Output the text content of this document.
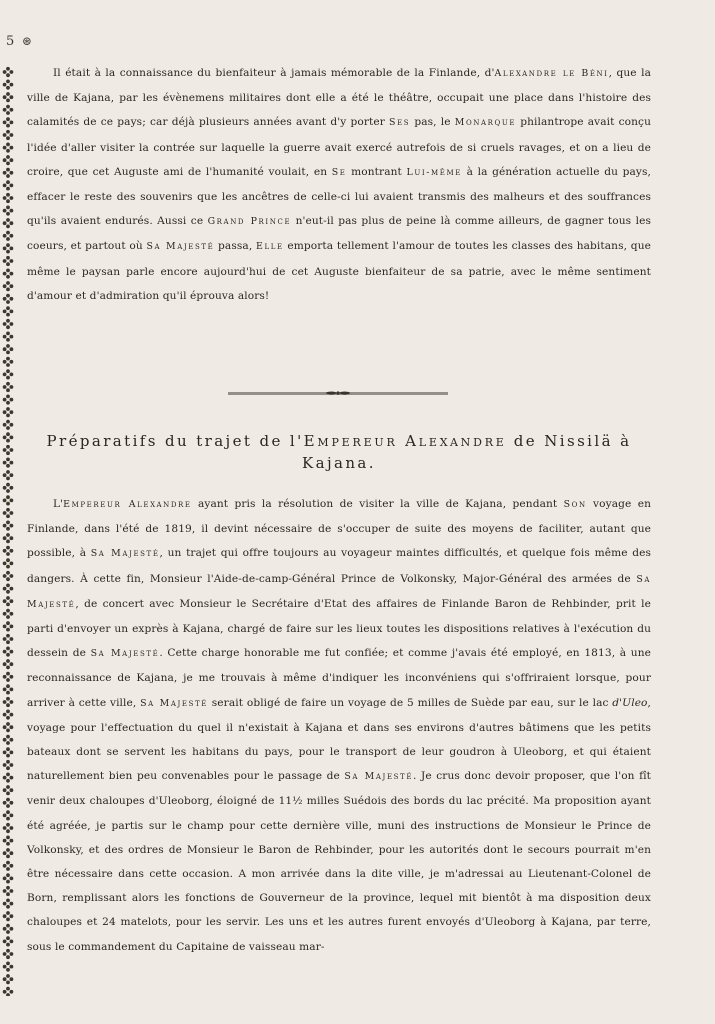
5 ⊛

Il était à la connaissance du bienfaiteur à jamais mémorable de la Finlande, d'Alexandre le Béni, que la ville de Kajana, par les évènemens militaires dont elle a été le théâtre, occupait une place dans l'histoire des calamités de ce pays; car déjà plusieurs années avant d'y porter Ses pas, le Monarque philantrope avait conçu l'idée d'aller visiter la contrée sur laquelle la guerre avait exercé autrefois de si cruels ravages, et on a lieu de croire, que cet Auguste ami de l'humanité voulait, en Se montrant Lui-même à la génération actuelle du pays, effacer le reste des souvenirs que les ancêtres de celle-ci lui avaient transmis des malheurs et des souffrances qu'ils avaient endurés. Aussi ce Grand Prince n'eut-il pas plus de peine là comme ailleurs, de gagner tous les coeurs, et partout où Sa Majesté passa, Elle emporta tellement l'amour de toutes les classes des habitans, que même le paysan parle encore aujourd'hui de cet Auguste bienfaiteur de sa patrie, avec le même sentiment d'amour et d'admiration qu'il éprouva alors!

Préparatifs du trajet de l'Empereur Alexandre de Nissilä à Kajana.

L'Empereur Alexandre ayant pris la résolution de visiter la ville de Kajana, pendant Son voyage en Finlande, dans l'été de 1819, il devint nécessaire de s'occuper de suite des moyens de faciliter, autant que possible, à Sa Majesté, un trajet qui offre toujours au voyageur maintes difficultés, et quelque fois même des dangers. À cette fin, Monsieur l'Aide-de-camp-Général Prince de Volkonsky, Major-Général des armées de Sa Majesté, de concert avec Monsieur le Secrétaire d'Etat des affaires de Finlande Baron de Rehbinder, prit le parti d'envoyer un exprès à Kajana, chargé de faire sur les lieux toutes les dispositions relatives à l'exécution du dessein de Sa Majesté. Cette charge honorable me fut confiée; et comme j'avais été employé, en 1813, à une reconnaissance de Kajana, je me trouvais à même d'indiquer les inconvéniens qui s'offriraient lorsque, pour arriver à cette ville, Sa Majesté serait obligé de faire un voyage de 5 milles de Suède par eau, sur le lac d'Uleo, voyage pour l'effectuation du quel il n'existait à Kajana et dans ses environs d'autres bâtimens que les petits bateaux dont se servent les habitans du pays, pour le transport de leur goudron à Uleoborg, et qui étaient naturellement bien peu convenables pour le passage de Sa Majesté. Je crus donc devoir proposer, que l'on fît venir deux chaloupes d'Uleoborg, éloigné de 11½ milles Suédois des bords du lac précité. Ma proposition ayant été agréée, je partis sur le champ pour cette dernière ville, muni des instructions de Monsieur le Prince de Volkonsky, et des ordres de Monsieur le Baron de Rehbinder, pour les autorités dont le secours pourrait m'en être nécessaire dans cette occasion. A mon arrivée dans la dite ville, je m'adressai au Lieutenant-Colonel de Born, remplissant alors les fonctions de Gouverneur de la province, lequel mit bientôt à ma disposition deux chaloupes et 24 matelots, pour les servir. Les uns et les autres furent envoyés d'Uleoborg à Kajana, par terre, sous le commandement du Capitaine de vaisseau mar-
